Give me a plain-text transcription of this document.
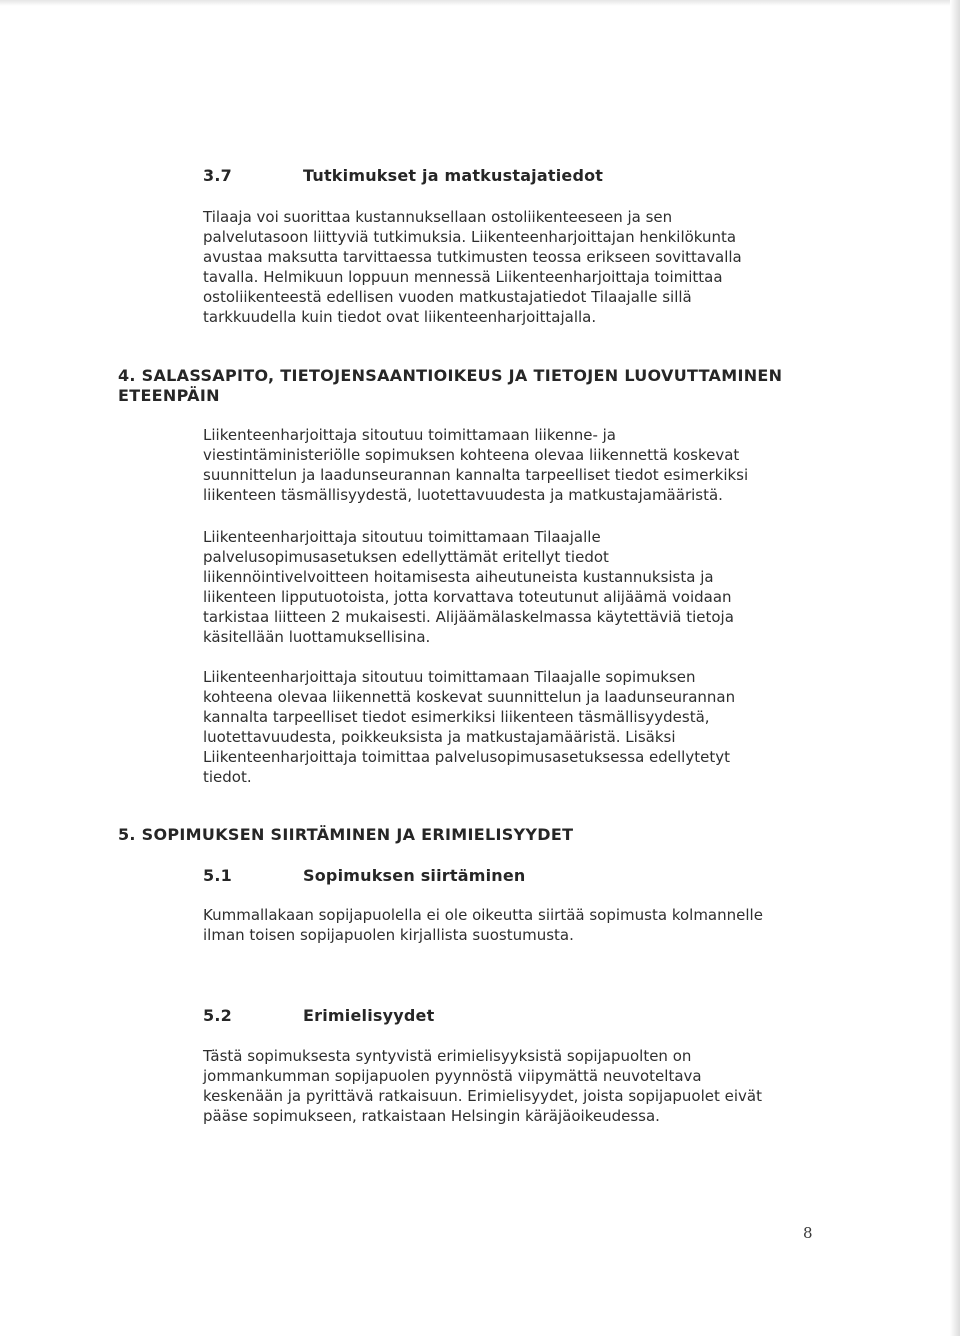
3.7	Tutkimukset ja matkustajatiedot
Tilaaja voi suorittaa kustannuksellaan ostoliikenteeseen ja sen
palvelutasoon liittyviä tutkimuksia. Liikenteenharjoittajan henkilökunta
avustaa maksutta tarvittaessa tutkimusten teossa erikseen sovittavalla
tavalla. Helmikuun loppuun mennessä Liikenteenharjoittaja toimittaa
ostoliikenteestä edellisen vuoden matkustajatiedot Tilaajalle sillä
tarkkuudella kuin tiedot ovat liikenteenharjoittajalla.
4. SALASSAPITO, TIETOJENSAANTIOIKEUS JA TIETOJEN LUOVUTTAMINEN
ETEENPÄIN
Liikenteenharjoittaja sitoutuu toimittamaan liikenne- ja
viestintäministeriölle sopimuksen kohteena olevaa liikennettä koskevat
suunnittelun ja laadunseurannan kannalta tarpeelliset tiedot esimerkiksi
liikenteen täsmällisyydestä, luotettavuudesta ja matkustajamääristä.
Liikenteenharjoittaja sitoutuu toimittamaan Tilaajalle
palvelusopimusasetuksen edellyttämät eritellyt tiedot
liikennöintivelvoitteen hoitamisesta aiheutuneista kustannuksista ja
liikenteen lipputuotoista, jotta korvattava toteutunut alijäämä voidaan
tarkistaa liitteen 2 mukaisesti. Alijäämälaskelmassa käytettäviä tietoja
käsitellään luottamuksellisina.
Liikenteenharjoittaja sitoutuu toimittamaan Tilaajalle sopimuksen
kohteena olevaa liikennettä koskevat suunnittelun ja laadunseurannan
kannalta tarpeelliset tiedot esimerkiksi liikenteen täsmällisyydestä,
luotettavuudesta, poikkeuksista ja matkustajamääristä. Lisäksi
Liikenteenharjoittaja toimittaa palvelusopimusasetuksessa edellytetyt
tiedot.
5. SOPIMUKSEN SIIRTÄMINEN JA ERIMIELISYYDET
5.1	Sopimuksen siirtäminen
Kummallakaan sopijapuolella ei ole oikeutta siirtää sopimusta kolmannelle
ilman toisen sopijapuolen kirjallista suostumusta.
5.2	Erimielisyydet
Tästä sopimuksesta syntyvistä erimielisyyksistä sopijapuolten on
jommankumman sopijapuolen pyynnöstä viipymättä neuvoteltava
keskenään ja pyrittävä ratkaisuun. Erimielisyydet, joista sopijapuolet eivät
pääse sopimukseen, ratkaistaan Helsingin käräjäoikeudessa.
8
